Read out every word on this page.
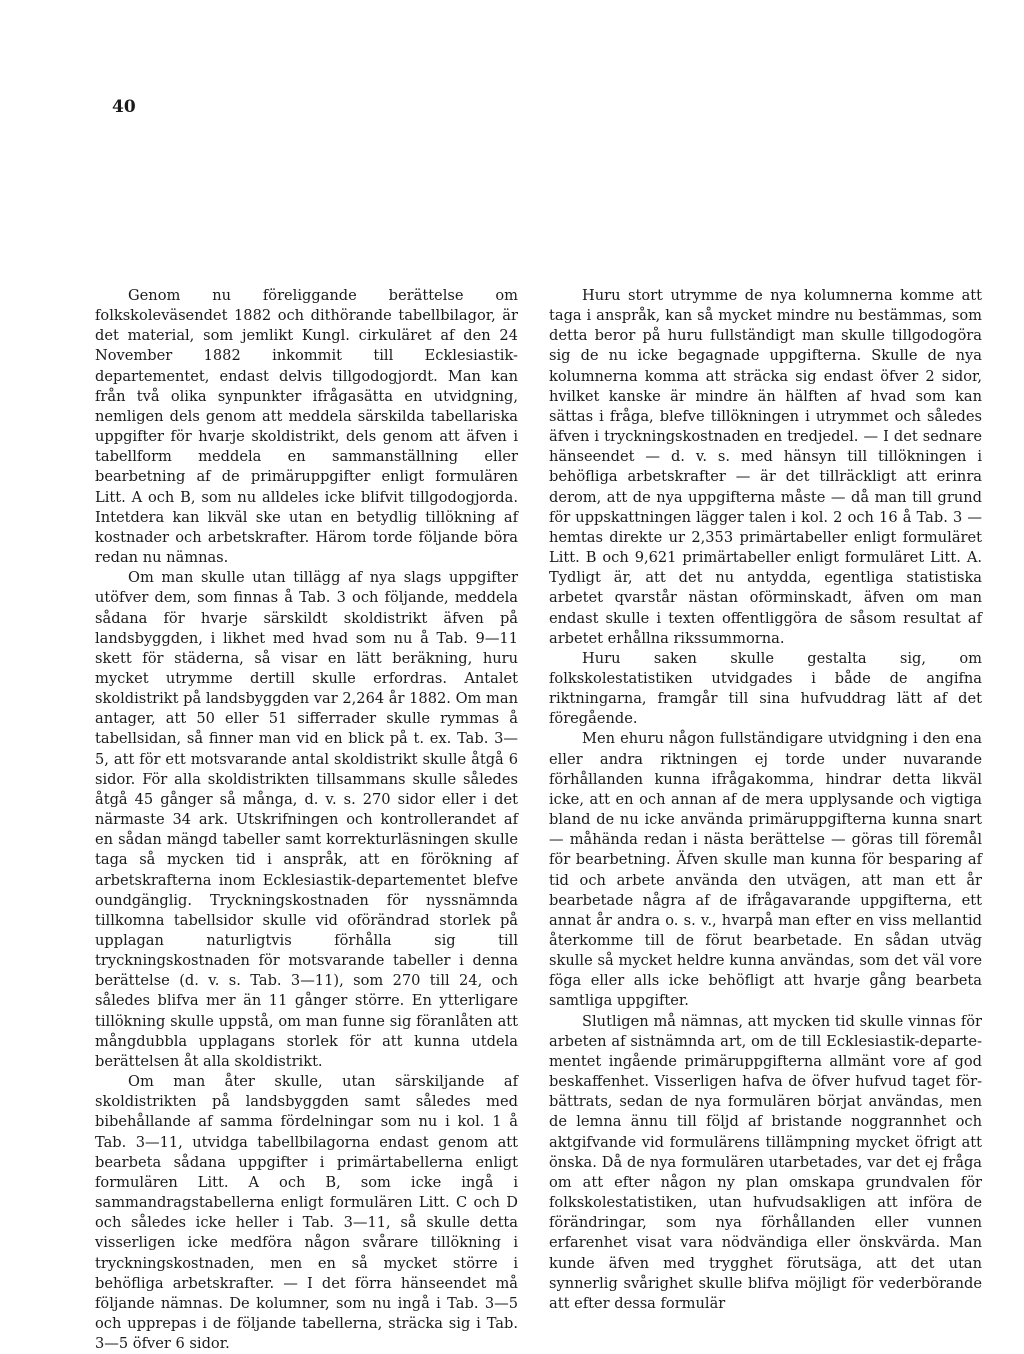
40

Genom nu föreliggande berättelse om folkskoleväsendet 1882 och dithörande tabellbilagor, är det material, som jemlikt Kungl. cirkuläret af den 24 November 1882 inkommit till Ecklesiastik-departementet, endast delvis tillgodogjordt. Man kan från två olika synpunkter ifrågasätta en utvidgning, nemligen dels genom att meddela särskilda tabellariska uppgifter för hvarje skoldistrikt, dels genom att äfven i tabellform meddela en sammanställning eller bearbetning af de primäruppgifter enligt formulären Litt. A och B, som nu alldeles icke blifvit tillgodogjorda. Intetdera kan likväl ske utan en betydlig tillökning af kostnader och arbetskrafter. Härom torde följande böra redan nu nämnas.

Om man skulle utan tillägg af nya slags uppgifter utöfver dem, som finnas å Tab. 3 och följande, meddela sådana för hvarje särskildt skoldistrikt äfven på landsbyggden, i likhet med hvad som nu å Tab. 9—11 skett för städerna, så visar en lätt beräkning, huru mycket utrymme dertill skulle erfordras. Antalet skoldistrikt på landsbyggden var 2,264 år 1882. Om man antager, att 50 eller 51 sifferrader skulle rymmas å tabellsidan, så finner man vid en blick på t. ex. Tab. 3—5, att för ett motsvarande antal skoldistrikt skulle åtgå 6 sidor. För alla skoldistrikten tillsammans skulle således åtgå 45 gånger så många, d. v. s. 270 sidor eller i det närmaste 34 ark. Utskrifningen och kontrollerandet af en sådan mängd tabeller samt korrekturläsningen skulle taga så mycken tid i anspråk, att en förökning af arbetskrafterna inom Ecklesiastik-departementet blefve oundgänglig. Tryckningskostnaden för nyssnämnda tillkomna tabellsidor skulle vid oförändrad storlek på upplagan naturligtvis förhålla sig till tryckningskostnaden för motsvarande tabeller i denna berättelse (d. v. s. Tab. 3—11), som 270 till 24, och således blifva mer än 11 gånger större. En ytterligare tillökning skulle uppstå, om man funne sig föranlåten att mångdubbla upplagans storlek för att kunna utdela berättelsen åt alla skoldistrikt.

Om man åter skulle, utan särskiljande af skoldistrikten på landsbyggden samt således med bibehållande af samma fördelningar som nu i kol. 1 å Tab. 3—11, utvidga tabellbilagorna endast genom att bearbeta sådana uppgifter i primärtabellerna enligt formulären Litt. A och B, som icke ingå i sammandragstabellerna enligt formulären Litt. C och D och således icke heller i Tab. 3—11, så skulle detta visserligen icke medföra någon svårare tillökning i tryckningskostnaden, men en så mycket större i behöfliga arbetskrafter. — I det förra hänseendet må följande nämnas. De kolumner, som nu ingå i Tab. 3—5 och upprepas i de följande tabellerna, sträcka sig i Tab. 3—5 öfver 6 sidor.

Huru stort utrymme de nya kolumnerna komme att taga i anspråk, kan så mycket mindre nu bestämmas, som detta beror på huru fullständigt man skulle tillgodogöra sig de nu icke begagnade uppgifterna. Skulle de nya kolumnerna komma att sträcka sig endast öfver 2 sidor, hvilket kanske är mindre än hälften af hvad som kan sättas i fråga, blefve tillökningen i utrymmet och således äfven i tryckningskostnaden en tredjedel. — I det sednare hänseendet — d. v. s. med hänsyn till tillökningen i behöfliga arbetskrafter — är det tillräckligt att erinra derom, att de nya uppgifterna måste — då man till grund för uppskattningen lägger talen i kol. 2 och 16 å Tab. 3 — hemtas direkte ur 2,353 primärtabeller enligt formuläret Litt. B och 9,621 primärtabeller enligt formuläret Litt. A. Tydligt är, att det nu antydda, egentliga statistiska arbetet qvarstår nästan oförminskadt, äfven om man endast skulle i texten offentliggöra de såsom resultat af arbetet erhållna rikssummorna.

Huru saken skulle gestalta sig, om folkskolestatistiken utvidgades i både de angifna riktningarna, framgår till sina hufvuddrag lätt af det föregående.

Men ehuru någon fullständigare utvidgning i den ena eller andra riktningen ej torde under nuvarande förhållanden kunna ifrågakomma, hindrar detta likväl icke, att en och annan af de mera upplysande och vigtiga bland de nu icke använda primäruppgifterna kunna snart — måhända redan i nästa berättelse — göras till föremål för bearbetning. Äfven skulle man kunna för besparing af tid och arbete använda den utvägen, att man ett år bearbetade några af de ifrågavarande uppgifterna, ett annat år andra o. s. v., hvarpå man efter en viss mellantid återkomme till de förut bearbetade. En sådan utväg skulle så mycket heldre kunna användas, som det väl vore föga eller alls icke behöfligt att hvarje gång bearbeta samtliga uppgifter.

Slutligen må nämnas, att mycken tid skulle vinnas för arbeten af sistnämnda art, om de till Ecklesiastik-departementet ingående primäruppgifterna allmänt vore af god beskaffenhet. Visserligen hafva de öfver hufvud taget förbättrats, sedan de nya formulären börjat användas, men de lemna ännu till följd af bristande noggrannhet och aktgifvande vid formulärens tillämpning mycket öfrigt att önska. Då de nya formulären utarbetades, var det ej fråga om att efter någon ny plan omskapa grundvalen för folkskolestatistiken, utan hufvudsakligen att införa de förändringar, som nya förhållanden eller vunnen erfarenhet visat vara nödvändiga eller önskvärda. Man kunde äfven med trygghet förutsäga, att det utan synnerlig svårighet skulle blifva möjligt för vederbörande att efter dessa formulär
